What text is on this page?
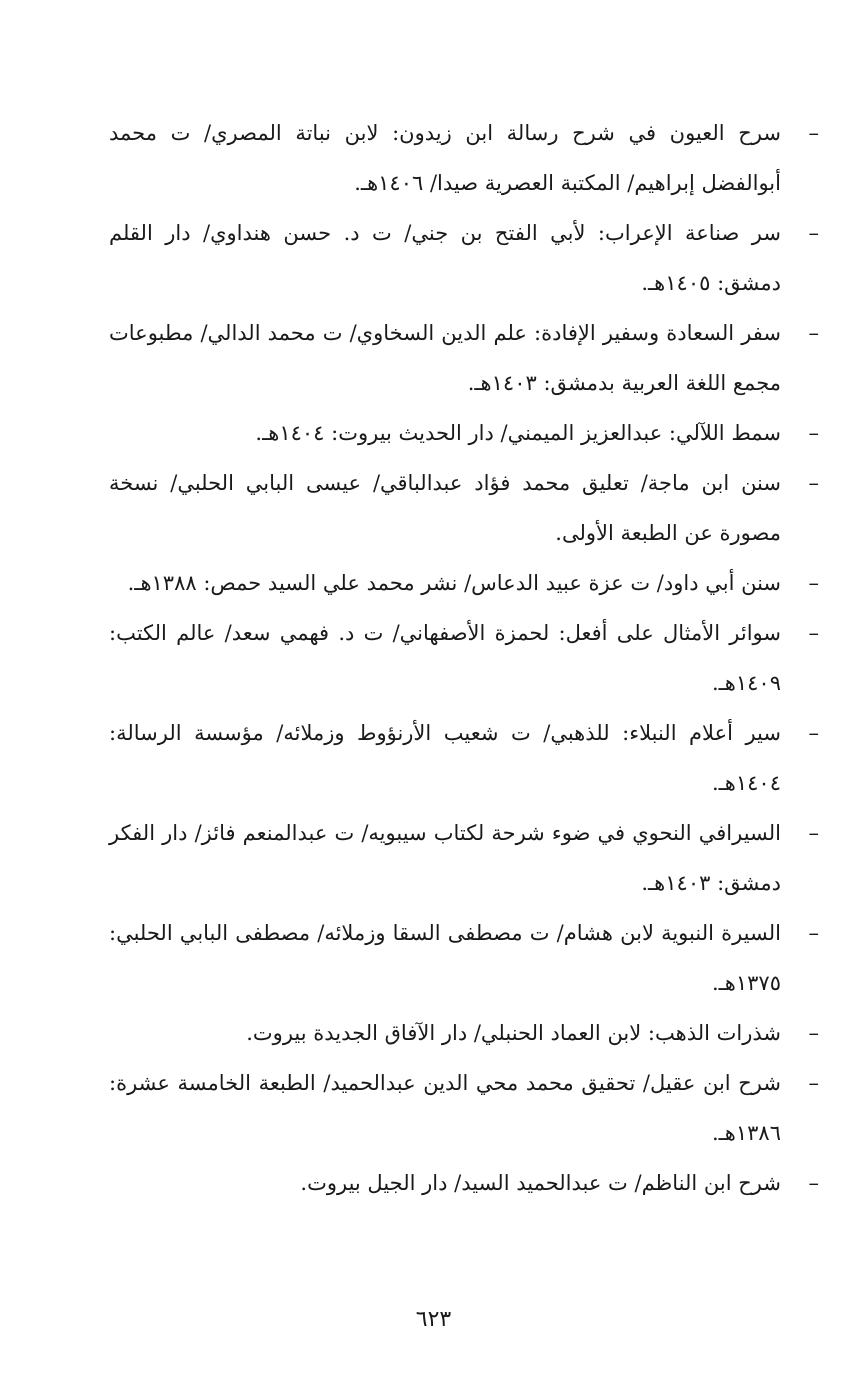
–
سرح العيون في شرح رسالة ابن زيدون: لابن نباتة المصري/ ت محمد أبوالفضل إبراهيم/ المكتبة العصرية صيدا/ ١٤٠٦هـ.
–
سر صناعة الإعراب: لأبي الفتح بن جني/ ت د. حسن هنداوي/ دار القلم دمشق: ١٤٠٥هـ.
–
سفر السعادة وسفير الإفادة: علم الدين السخاوي/ ت محمد الدالي/ مطبوعات مجمع اللغة العربية بدمشق: ١٤٠٣هـ.
–
سمط اللآلي: عبدالعزيز الميمني/ دار الحديث بيروت: ١٤٠٤هـ.
–
سنن ابن ماجة/ تعليق محمد فؤاد عبدالباقي/ عيسى البابي الحلبي/ نسخة مصورة عن الطبعة الأولى.
–
سنن أبي داود/ ت عزة عبيد الدعاس/ نشر محمد علي السيد حمص: ١٣٨٨هـ.
–
سوائر الأمثال على أفعل: لحمزة الأصفهاني/ ت د. فهمي سعد/ عالم الكتب: ١٤٠٩هـ.
–
سير أعلام النبلاء: للذهبي/ ت شعيب الأرنؤوط وزملائه/ مؤسسة الرسالة: ١٤٠٤هـ.
–
السيرافي النحوي في ضوء شرحة لكتاب سيبويه/ ت عبدالمنعم فائز/ دار الفكر دمشق: ١٤٠٣هـ.
–
السيرة النبوية لابن هشام/ ت مصطفى السقا وزملائه/ مصطفى البابي الحلبي: ١٣٧٥هـ.
–
شذرات الذهب: لابن العماد الحنبلي/ دار الآفاق الجديدة بيروت.
–
شرح ابن عقيل/ تحقيق محمد محي الدين عبدالحميد/ الطبعة الخامسة عشرة: ١٣٨٦هـ.
–
شرح ابن الناظم/ ت عبدالحميد السيد/ دار الجيل بيروت.
٦٢٣
